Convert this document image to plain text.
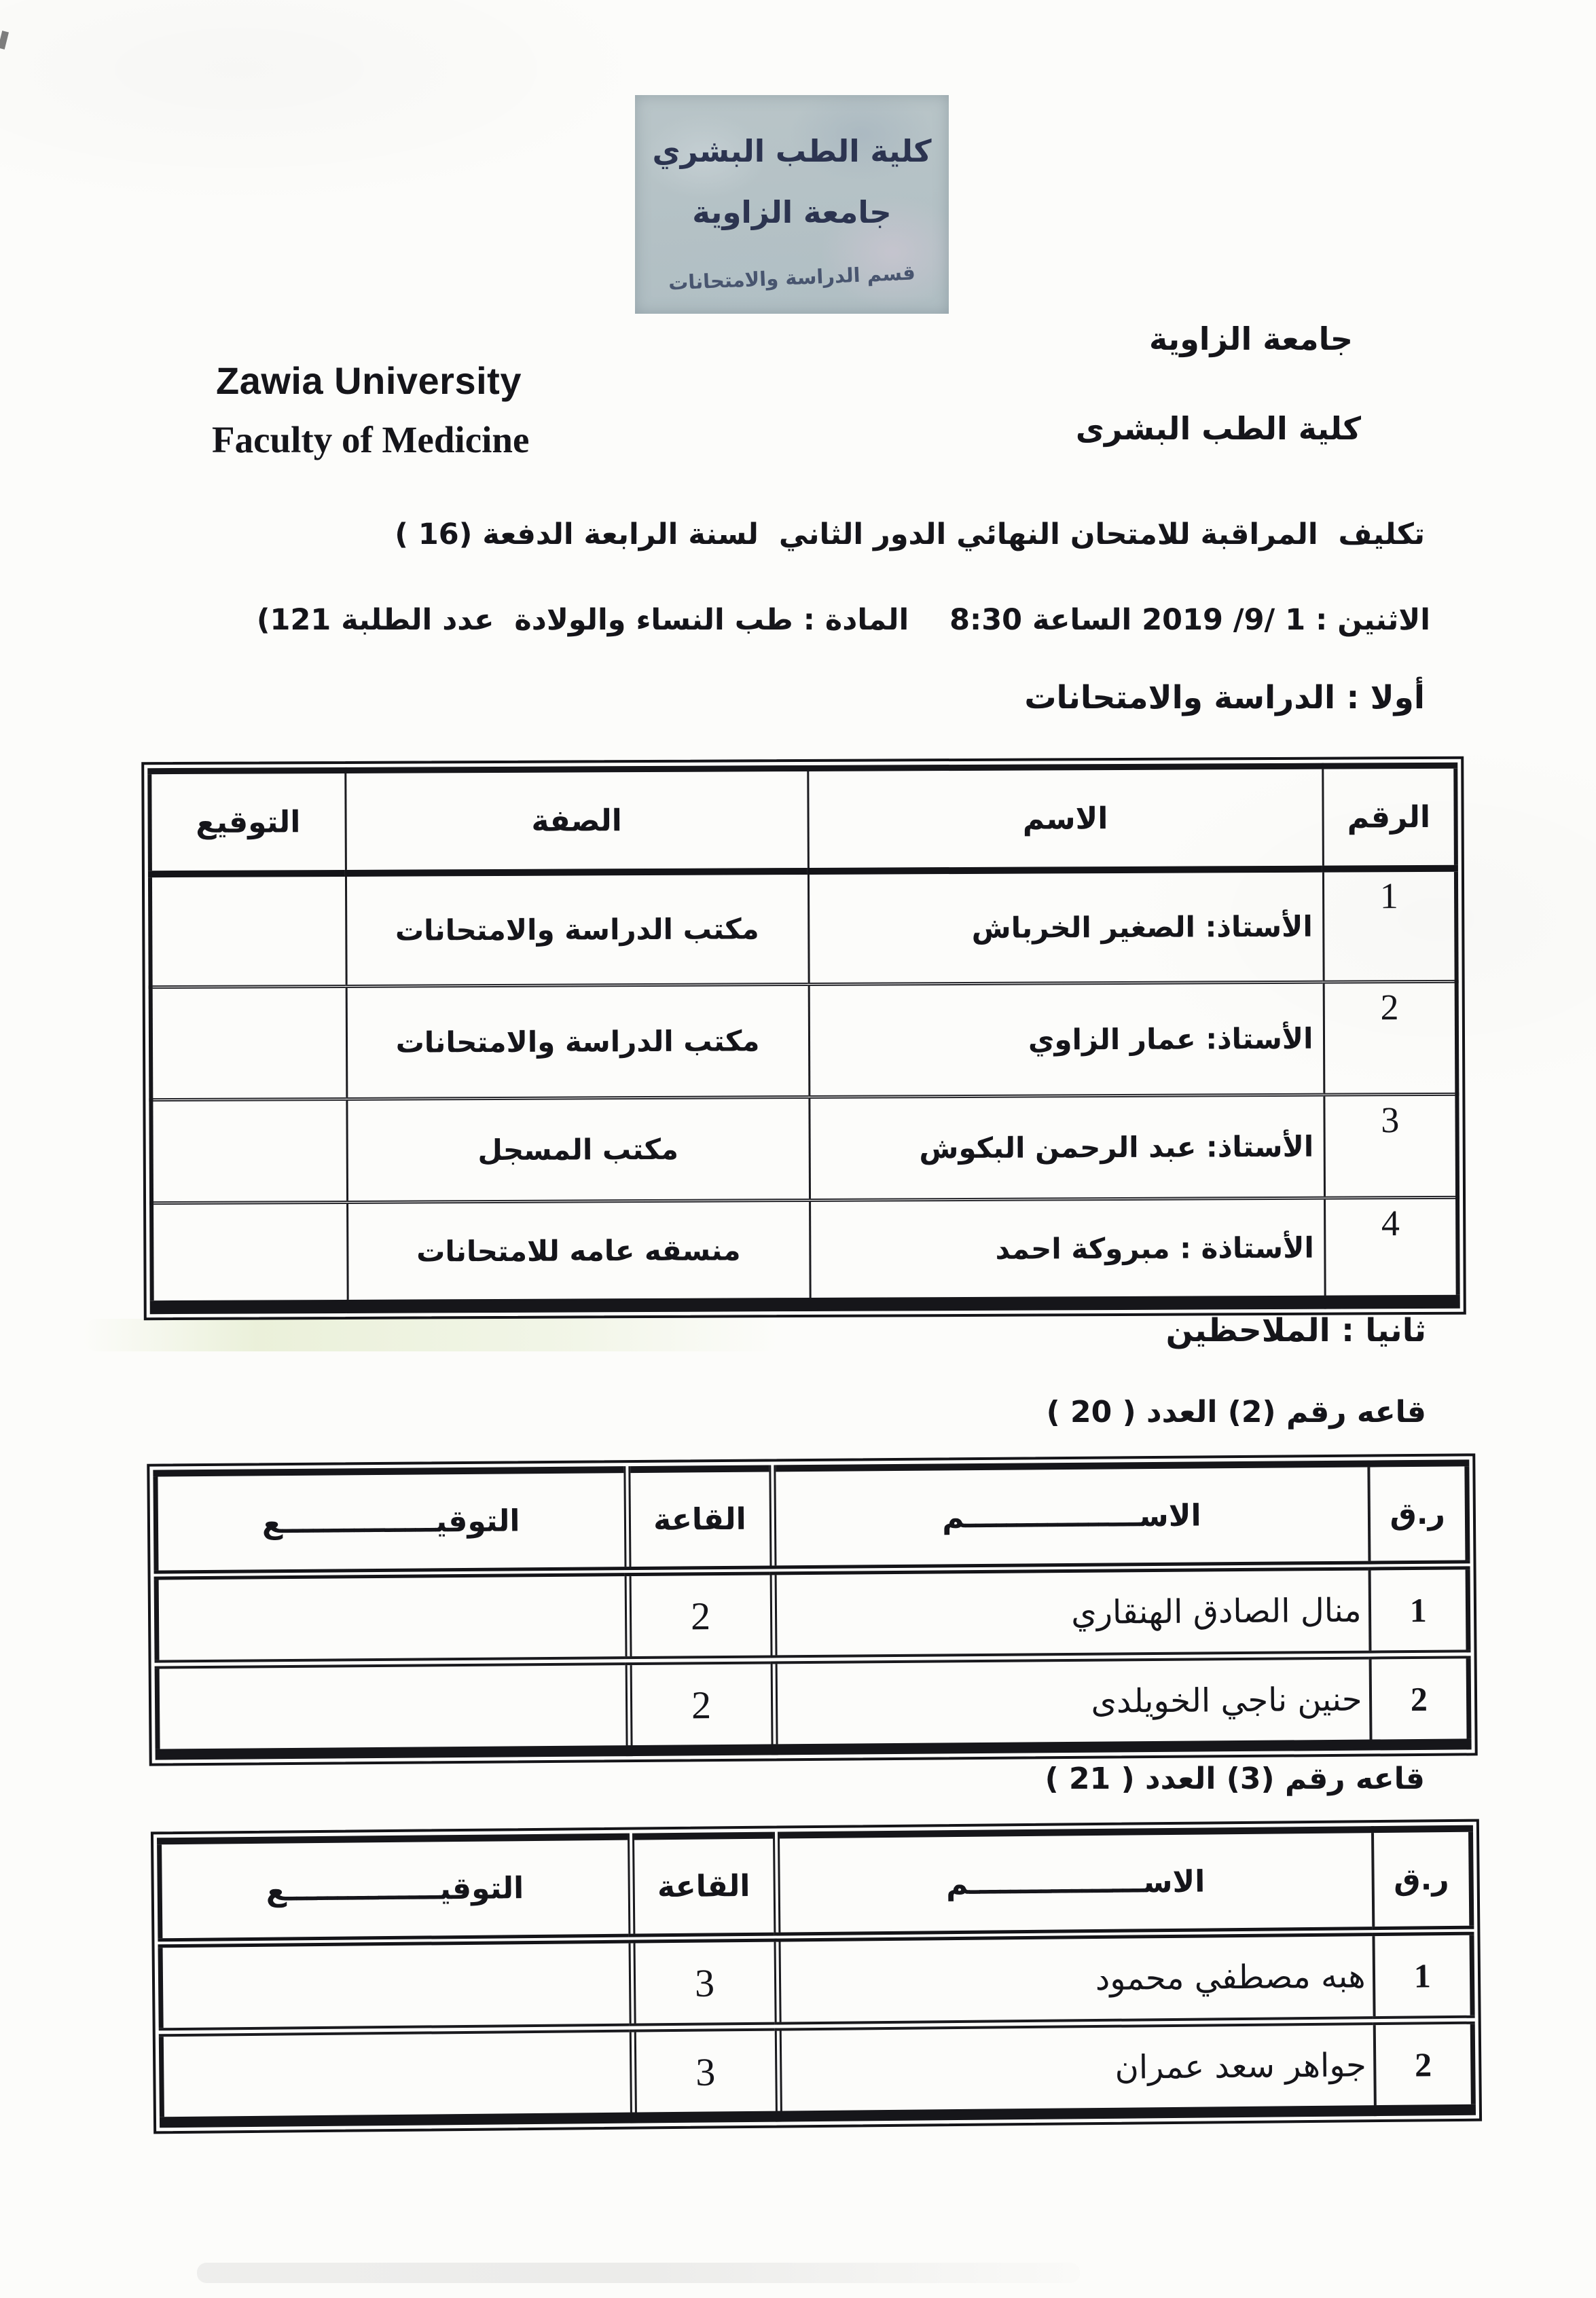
كلية الطب البشري
جامعة الزاوية
قسم الدراسة والامتحانات
جامعة الزاوية
كلية الطب البشرى
Zawia University
Faculty of Medicine
تكليف  المراقبة للامتحان النهائي الدور الثاني  لسنة الرابعة الدفعة ( 16)
الاثنين : 1 /9/ 2019 الساعة 8:30    المادة : طب النساء والولادة  عدد الطلبة (121
أولا : الدراسة والامتحانات
الرقم	الاسم	الصفة	التوقيع
1	الأستاذ: الصغير الخرباش	مكتب الدراسة والامتحانات	
2	الأستاذ: عمار الزاوي	مكتب الدراسة والامتحانات	
3	الأستاذ: عبد الرحمن البكوش	مكتب المسجل	
4	الأستاذة : مبروكة احمد	منسقه عامه للامتحانات	
ثانيا : الملاحظين
قاعه رقم (2) العدد ( 20 )
ر.ق	الاســـــــــــــــــم	القاعة	التوقيـــــــــــــــع
1	منال الصادق الهنقاري	2	
2	حنين ناجي الخويلدى	2	
قاعه رقم (3) العدد ( 21 )
ر.ق	الاســـــــــــــــــم	القاعة	التوقيـــــــــــــــع
1	هبه مصطفي محمود	3	
2	جواهر سعد عمران	3	
